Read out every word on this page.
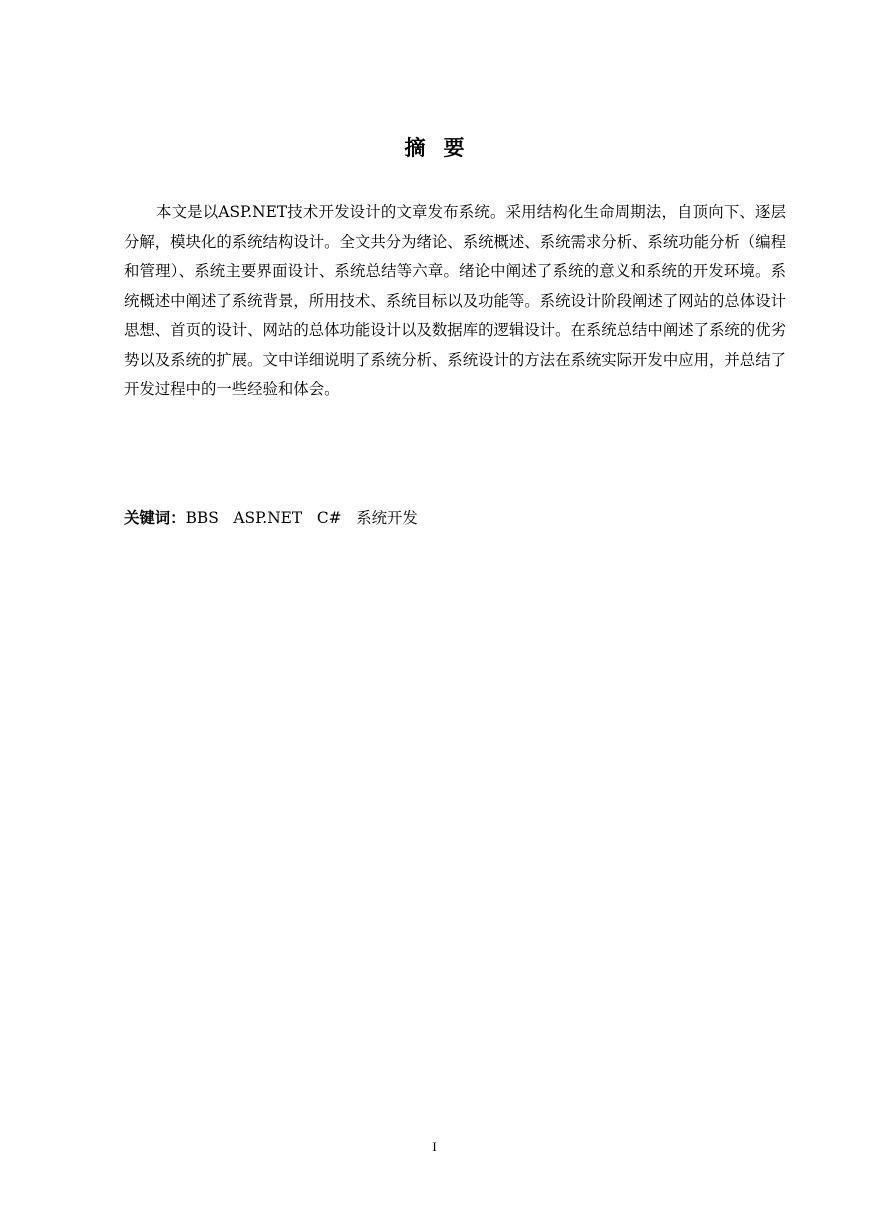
摘要

本文是以ASP.NET技术开发设计的文章发布系统。采用结构化生命周期法，自顶向下、逐层分解，模块化的系统结构设计。全文共分为绪论、系统概述、系统需求分析、系统功能分析（编程和管理）、系统主要界面设计、系统总结等六章。绪论中阐述了系统的意义和系统的开发环境。系统概述中阐述了系统背景，所用技术、系统目标以及功能等。系统设计阶段阐述了网站的总体设计思想、首页的设计、网站的总体功能设计以及数据库的逻辑设计。在系统总结中阐述了系统的优劣势以及系统的扩展。文中详细说明了系统分析、系统设计的方法在系统实际开发中应用，并总结了开发过程中的一些经验和体会。

关键词：BBS   ASP.NET   C#   系统开发
I
